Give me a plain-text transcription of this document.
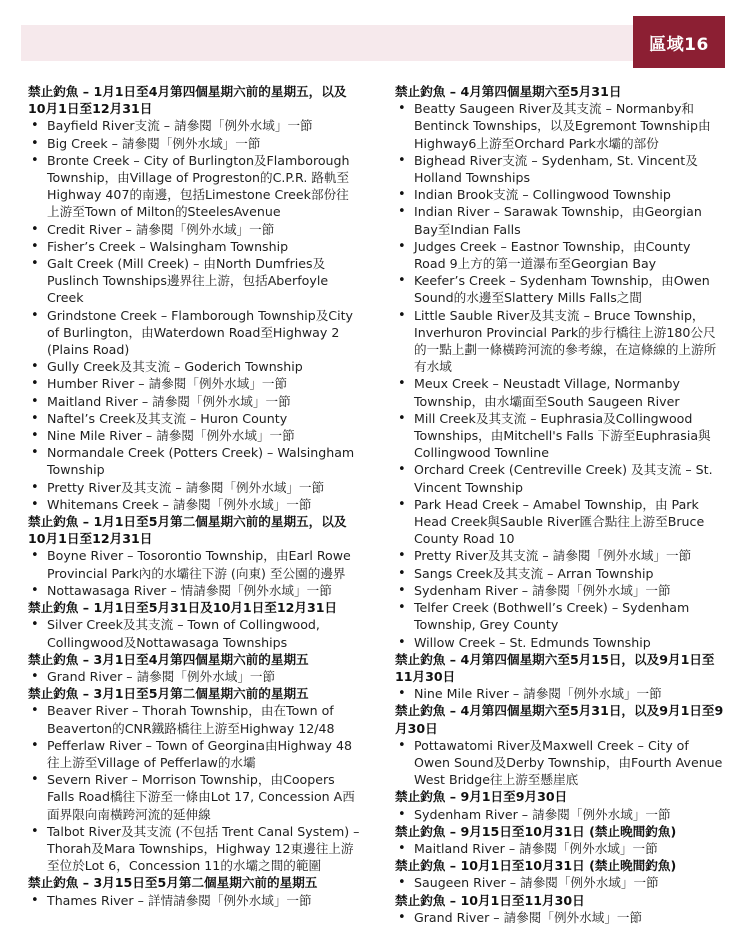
區域16
禁止釣魚 – 1月1日至4月第四個星期六前的星期五，以及10月1日至12月31日
• Bayfield River支流 – 請參閱「例外水域」一節
• Big Creek – 請參閱「例外水域」一節
• Bronte Creek – City of Burlington及Flamborough Township，由Village of Progreston的C.P.R. 路軌至Highway 407的南邊，包括Limestone Creek部份往上游至Town of Milton的SteelesAvenue
• Credit River – 請參閱「例外水域」一節
• Fisher’s Creek – Walsingham Township
• Galt Creek (Mill Creek) – 由North Dumfries及Puslinch Townships邊界往上游，包括Aberfoyle Creek
• Grindstone Creek – Flamborough Township及City of Burlington，由Waterdown Road至Highway 2 (Plains Road)
• Gully Creek及其支流 – Goderich Township
• Humber River – 請參閱「例外水域」一節
• Maitland River – 請參閱「例外水域」一節
• Naftel’s Creek及其支流 – Huron County
• Nine Mile River – 請參閱「例外水域」一節
• Normandale Creek (Potters Creek) – Walsingham Township
• Pretty River及其支流 – 請參閱「例外水域」一節
• Whitemans Creek – 請參閱「例外水域」一節
禁止釣魚 – 1月1日至5月第二個星期六前的星期五，以及10月1日至12月31日
• Boyne River – Tosorontio Township，由Earl Rowe Provincial Park內的水壩往下游 (向東) 至公園的邊界
• Nottawasaga River – 情請參閱「例外水域」一節
禁止釣魚 – 1月1日至5月31日及10月1日至12月31日
• Silver Creek及其支流 – Town of Collingwood, Collingwood及Nottawasaga Townships
禁止釣魚 – 3月1日至4月第四個星期六前的星期五
• Grand River – 請參閱「例外水域」一節
禁止釣魚 – 3月1日至5月第二個星期六前的星期五
• Beaver River – Thorah Township，由在Town of Beaverton的CNR鐵路橋往上游至Highway 12/48
• Pefferlaw River – Town of Georgina由Highway 48往上游至Village of Pefferlaw的水壩
• Severn River – Morrison Township，由Coopers Falls Road橋往下游至一條由Lot 17, Concession A西面界限向南橫跨河流的延伸線
• Talbot River及其支流 (不包括 Trent Canal System) – Thorah及Mara Townships，Highway 12東邊往上游至位於Lot 6，Concession 11的水壩之間的範圍
禁止釣魚 – 3月15日至5月第二個星期六前的星期五
• Thames River – 詳情請參閱「例外水域」一節
禁止釣魚 – 4月第四個星期六至5月31日
• Beatty Saugeen River及其支流 – Normanby和Bentinck Townships，以及Egremont Township由Highway6上游至Orchard Park水壩的部份
• Bighead River支流 – Sydenham, St. Vincent及Holland Townships
• Indian Brook支流 – Collingwood Township
• Indian River – Sarawak Township，由Georgian Bay至Indian Falls
• Judges Creek – Eastnor Township，由County Road 9上方的第一道瀑布至Georgian Bay
• Keefer’s Creek – Sydenham Township，由Owen Sound的水邊至Slattery Mills Falls之間
• Little Sauble River及其支流 – Bruce Township，Inverhuron Provincial Park的步行橋往上游180公尺的一點上劃一條橫跨河流的參考線，在這條線的上游所有水域
• Meux Creek – Neustadt Village, Normanby Township，由水壩面至South Saugeen River
• Mill Creek及其支流 – Euphrasia及Collingwood Townships，由Mitchell's Falls 下游至Euphrasia與Collingwood Townline
• Orchard Creek (Centreville Creek) 及其支流 – St. Vincent Township
• Park Head Creek – Amabel Township，由 Park Head Creek與Sauble River匯合點往上游至Bruce County Road 10
• Pretty River及其支流 – 請參閱「例外水域」一節
• Sangs Creek及其支流 – Arran Township
• Sydenham River – 請參閱「例外水域」一節
• Telfer Creek (Bothwell’s Creek) – Sydenham Township, Grey County
• Willow Creek – St. Edmunds Township
禁止釣魚 – 4月第四個星期六至5月15日，以及9月1日至11月30日
• Nine Mile River – 請參閱「例外水域」一節
禁止釣魚 – 4月第四個星期六至5月31日，以及9月1日至9月30日
• Pottawatomi River及Maxwell Creek – City of Owen Sound及Derby Township，由Fourth Avenue West Bridge往上游至懸崖底
禁止釣魚 – 9月1日至9月30日
• Sydenham River – 請參閱「例外水域」一節
禁止釣魚 – 9月15日至10月31日 (禁止晚間釣魚)
• Maitland River – 請參閱「例外水域」一節
禁止釣魚 – 10月1日至10月31日 (禁止晚間釣魚)
• Saugeen River – 請參閱「例外水域」一節
禁止釣魚 – 10月1日至11月30日
• Grand River – 請參閱「例外水域」一節
